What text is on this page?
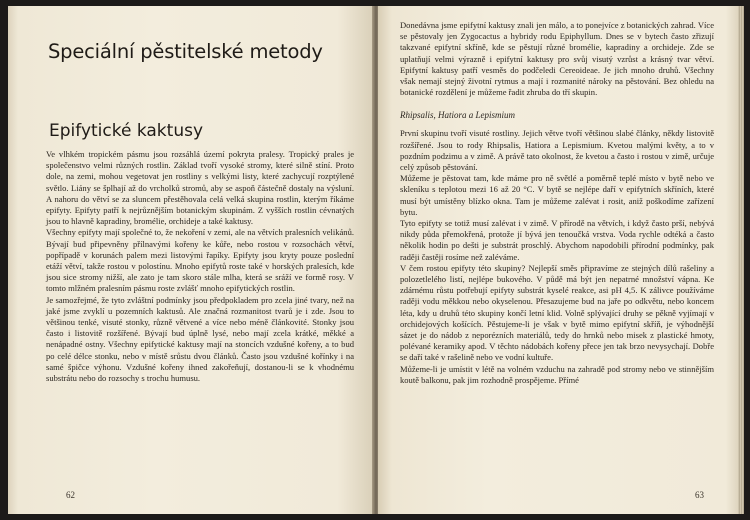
Speciální pěstitelské metody
Epifytické kaktusy

Ve vlhkém tropickém pásmu jsou rozsáhlá území pokryta pralesy. Tropický prales je společenstvo velmi různých rostlin. Základ tvoří vysoké stromy, které silně stíní. Proto dole, na zemi, mohou vegetovat jen rostliny s velkými listy, které zachycují rozptýlené světlo. Liány se šplhají až do vrcholků stromů, aby se aspoň částečně dostaly na výsluní. A nahoru do větví se za sluncem přestěhovala celá velká skupina rostlin, kterým říkáme epifyty. Epifyty patří k nejrůznějším botanickým skupinám. Z vyšších rostlin cévnatých jsou to hlavně kapradiny, bromélie, orchideje a také kaktusy.

Všechny epifyty mají společné to, že nekoření v zemi, ale na větvích pralesních velikánů. Bývají bud připevněny přílnavými kořeny ke kůře, nebo rostou v rozsochách větví, popřípadě v korunách palem mezi listovými řapíky. Epifyty jsou kryty pouze poslední etáží větví, takže rostou v polostínu. Mnoho epifytů roste také v horských pralesích, kde jsou sice stromy nižší, ale zato je tam skoro stále mlha, která se sráží ve formě rosy. V tomto mlžném pralesním pásmu roste zvlášť mnoho epifytických rostlin.

Je samozřejmé, že tyto zvláštní podmínky jsou předpokladem pro zcela jiné tvary, než na jaké jsme zvyklí u pozemních kaktusů. Ale značná rozmanitost tvarů je i zde. Jsou to většinou tenké, visuté stonky, různě větvené a více nebo méně článkovité. Stonky jsou často i listovitě rozšířené. Bývají bud úplně lysé, nebo mají zcela krátké, měkké a nenápadné ostny. Všechny epifytické kaktusy mají na stoncích vzdušné kořeny, a to bud po celé délce stonku, nebo v místě srůstu dvou článků. Často jsou vzdušné kořínky i na samé špičce výhonu. Vzdušné kořeny ihned zakořeňují, dostanou-li se k vhodnému substrátu nebo do rozsochy s trochu humusu.

62

Donedávna jsme epifytní kaktusy znali jen málo, a to ponejvíce z botanických zahrad. Více se pěstovaly jen Zygocactus a hybridy rodu Epiphyllum. Dnes se v bytech často zřizují takzvané epifytní skříně, kde se pěstují různé bromélie, kapradiny a orchideje. Zde se uplatňují velmi výrazně i epifytní kaktusy pro svůj visutý vzrůst a krásný tvar větví. Epifytní kaktusy patří vesměs do podčeledi Cereoideae. Je jich mnoho druhů. Všechny však nemají stejný životní rytmus a mají i rozmanité nároky na pěstování. Bez ohledu na botanické rozdělení je můžeme řadit zhruba do tří skupin.

Rhipsalis, Hatiora a Lepismium

První skupinu tvoří visuté rostliny. Jejich větve tvoří většinou slabé články, někdy listovitě rozšířené. Jsou to rody Rhipsalis, Hatiora a Lepismium. Kvetou malými květy, a to v pozdním podzimu a v zimě. A právě tato okolnost, že kvetou a často i rostou v zimě, určuje celý způsob pěstování.

Můžeme je pěstovat tam, kde máme pro ně světlé a poměrně teplé místo v bytě nebo ve skleníku s teplotou mezi 16 až 20 °C. V bytě se nejlépe daří v epifytních skříních, které musí být umístěny blízko okna. Tam je můžeme zalévat i rosit, aniž poškodíme zařízení bytu.

Tyto epifyty se totiž musí zalévat i v zimě. V přírodě na větvích, i když často prší, nebývá nikdy půda přemokřená, protože jí bývá jen tenoučká vrstva. Voda rychle odtéká a často několik hodin po dešti je substrát proschlý. Abychom napodobili přírodní podmínky, pak raději častěji rosíme než zaléváme.

V čem rostou epifyty této skupiny? Nejlepší směs připravíme ze stejných dílů rašeliny a polozetlelého listí, nejlépe bukového. V půdě má být jen nepatrné množství vápna. Ke zdárnému růstu potřebují epifyty substrát kyselé reakce, asi pH 4,5. K zálivce používáme raději vodu měkkou nebo okyselenou. Přesazujeme bud na jaře po odkvětu, nebo koncem léta, kdy u druhů této skupiny končí letní klid. Volně splývající druhy se pěkně vyjímají v orchidejových košících. Pěstujeme-li je však v bytě mimo epifytní skříň, je výhodnější sázet je do nádob z neporézních materiálů, tedy do hrnků nebo misek z plastické hmoty, polévané keramiky apod. V těchto nádobách kořeny přece jen tak brzo nevysychají. Dobře se daří také v rašelině nebo ve vodní kultuře.

Můžeme-li je umístit v létě na volném vzduchu na zahradě pod stromy nebo ve stinnějším koutě balkonu, pak jim rozhodně prospějeme. Přímé

63
